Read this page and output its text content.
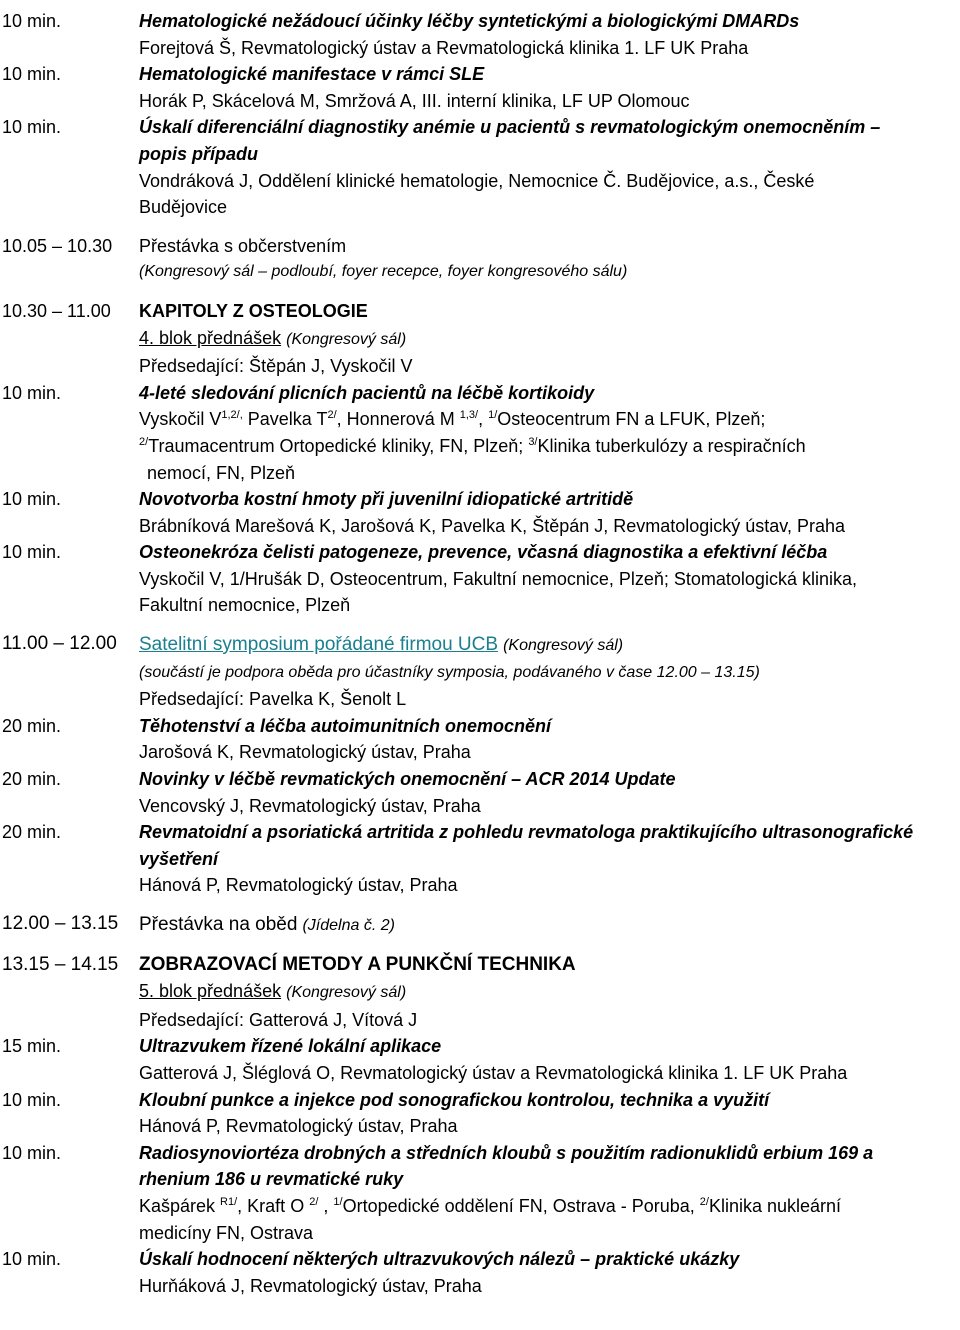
10 min.	Hematologické nežádoucí účinky léčby syntetickými a biologickými DMARDs
Forejtová Š, Revmatologický ústav a Revmatologická klinika 1. LF UK Praha
10 min.	Hematologické manifestace v rámci SLE
Horák P, Skácelová M, Smržová A, III. interní klinika, LF UP Olomouc
10 min.	Úskalí diferenciální diagnostiky anémie u pacientů s revmatologickým onemocněním –
popis případu
Vondráková J, Oddělení klinické hematologie, Nemocnice Č. Budějovice, a.s., České
Budějovice
10.05 – 10.30	Přestávka s občerstvením
(Kongresový sál – podloubí, foyer recepce, foyer kongresového sálu)
10.30 – 11.00	KAPITOLY Z OSTEOLOGIE
4. blok přednášek (Kongresový sál)
Předsedající: Štěpán J, Vyskočil V
10 min.	4-leté sledování plicních pacientů na léčbě kortikoidy
Vyskočil $V^{1,2/,}$ Pavelka $T^{2/}$, Honnerová M $^{1,3/}$, $^{1/}$Osteocentrum FN a LFUK, Plzeň;
$^{2/}$Traumacentrum Ortopedické kliniky, FN, Plzeň; $^{3/}$Klinika tuberkulózy a respiračních
nemocí, FN, Plzeň
10 min.	Novotvorba kostní hmoty při juvenilní idiopatické artritidě
Brábníková Marešová K, Jarošová K, Pavelka K, Štěpán J, Revmatologický ústav, Praha
10 min.	Osteonekróza čelisti patogeneze, prevence, včasná diagnostika a efektivní léčba
Vyskočil V, 1/Hrušák D, Osteocentrum, Fakultní nemocnice, Plzeň; Stomatologická klinika,
Fakultní nemocnice, Plzeň
11.00 – 12.00	Satelitní symposium pořádané firmou UCB (Kongresový sál)
(součástí je podpora oběda pro účastníky symposia, podávaného v čase 12.00 – 13.15)
Předsedající: Pavelka K, Šenolt L
20 min.	Těhotenství a léčba autoimunitních onemocnění
Jarošová K, Revmatologický ústav, Praha
20 min.	Novinky v léčbě revmatických onemocnění – ACR 2014 Update
Vencovský J, Revmatologický ústav, Praha
20 min.	Revmatoidní a psoriatická artritida z pohledu revmatologa praktikujícího ultrasonografické
vyšetření
Hánová P, Revmatologický ústav, Praha
12.00 – 13.15	Přestávka na oběd (Jídelna č. 2)
13.15 – 14.15	ZOBRAZOVACÍ METODY A PUNKČNÍ TECHNIKA
5. blok přednášek (Kongresový sál)
Předsedající: Gatterová J, Vítová J
15 min.	Ultrazvukem řízené lokální aplikace
Gatterová J, Šléglová O, Revmatologický ústav a Revmatologická klinika 1. LF UK Praha
10 min.	Kloubní punkce a injekce pod sonografickou kontrolou, technika a využití
Hánová P, Revmatologický ústav, Praha
10 min.	Radiosynoviortéza drobných a středních kloubů s použitím radionuklidů erbium 169 a
rhenium 186 u revmatické ruky
Kašpárek $^{R1/}$, Kraft O $^{2/}$ , $^{1/}$Ortopedické oddělení FN, Ostrava - Poruba, $^{2/}$Klinika nukleární
medicíny FN, Ostrava
10 min.	Úskalí hodnocení některých ultrazvukových nálezů – praktické ukázky
Hurňáková J, Revmatologický ústav, Praha
